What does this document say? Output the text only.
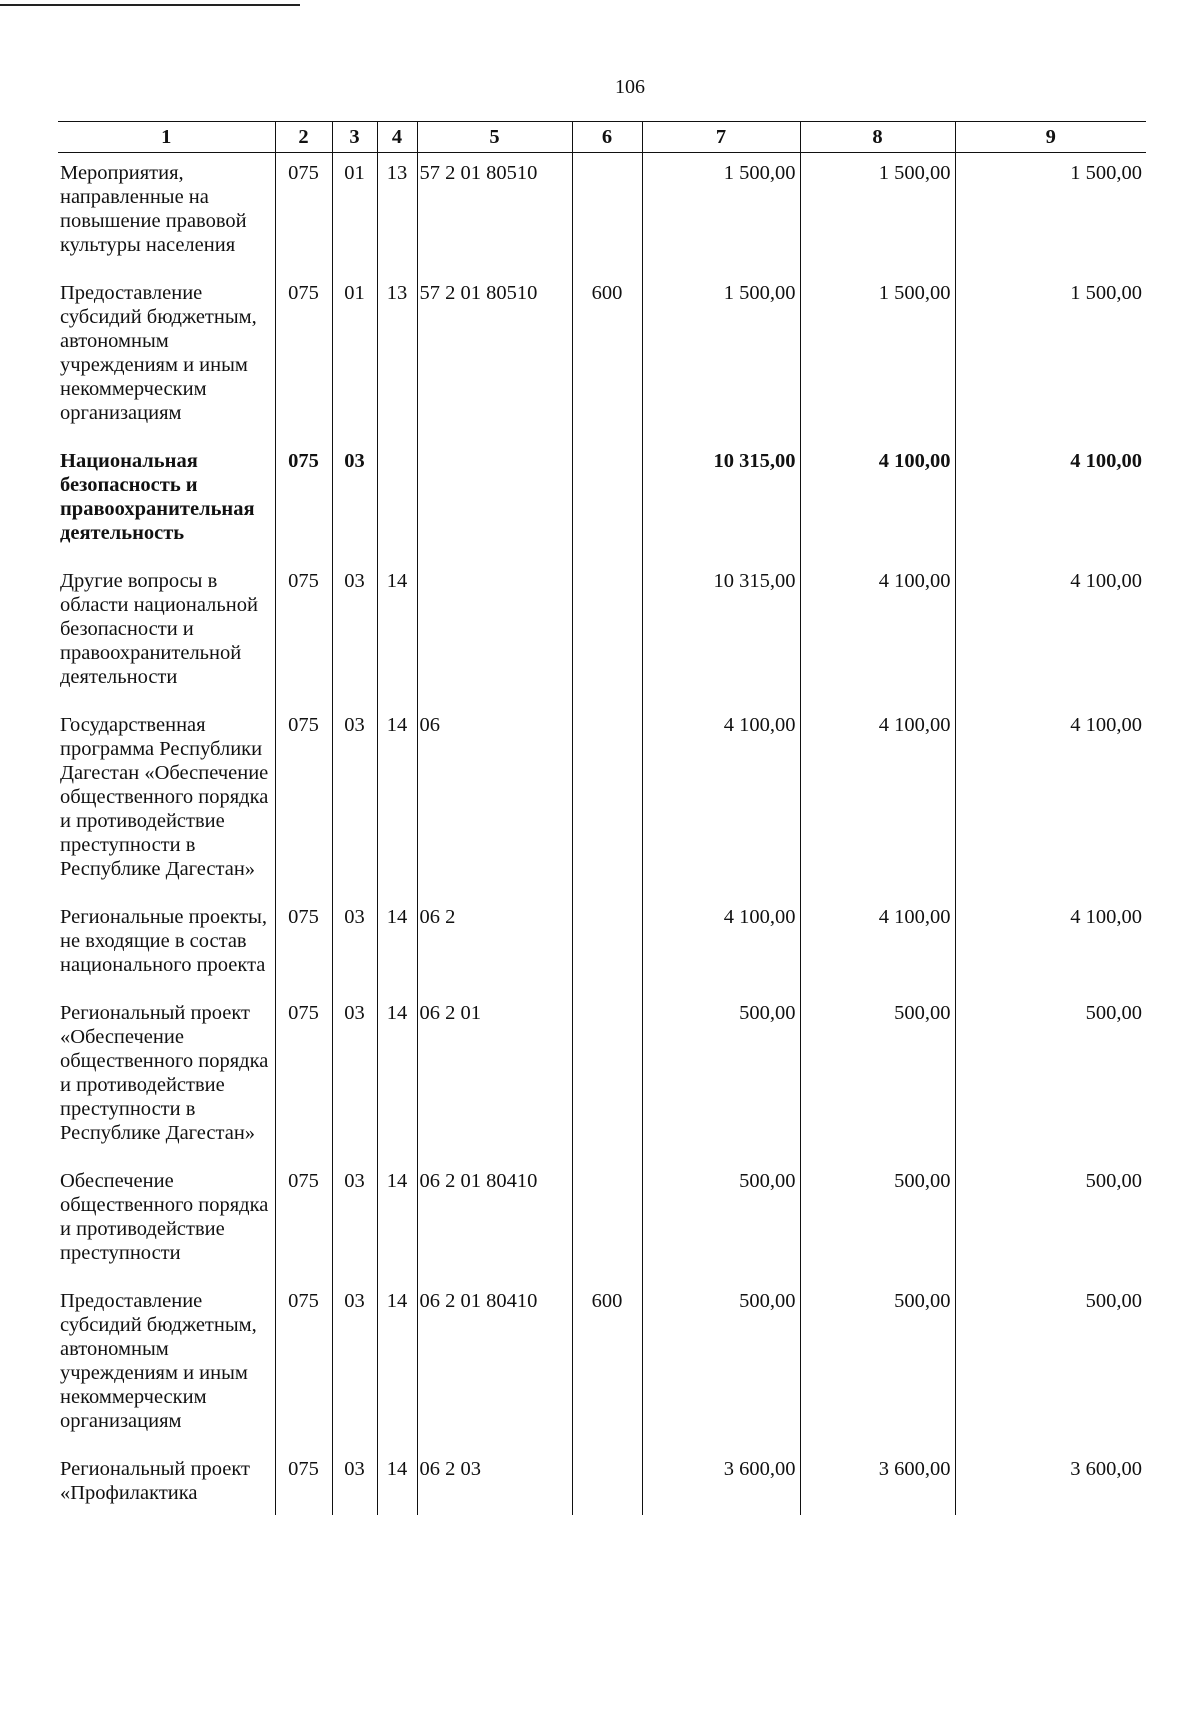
106
1	2	3	4	5	6	7	8	9
Мероприятия, направленные на повышение правовой культуры населения	075	01	13	57 2 01 80510		1 500,00	1 500,00	1 500,00
Предоставление субсидий бюджетным, автономным учреждениям и иным некоммерческим организациям	075	01	13	57 2 01 80510	600	1 500,00	1 500,00	1 500,00
Национальная безопасность и правоохранительная деятельность	075	03				10 315,00	4 100,00	4 100,00
Другие вопросы в области национальной безопасности и правоохранительной деятельности	075	03	14			10 315,00	4 100,00	4 100,00
Государственная программа Республики Дагестан «Обеспечение общественного порядка и противодействие преступности в Республике Дагестан»	075	03	14	06		4 100,00	4 100,00	4 100,00
Региональные проекты, не входящие в состав национального проекта	075	03	14	06 2		4 100,00	4 100,00	4 100,00
Региональный проект «Обеспечение общественного порядка и противодействие преступности в Республике Дагестан»	075	03	14	06 2 01		500,00	500,00	500,00
Обеспечение общественного порядка и противодействие преступности	075	03	14	06 2 01 80410		500,00	500,00	500,00
Предоставление субсидий бюджетным, автономным учреждениям и иным некоммерческим организациям	075	03	14	06 2 01 80410	600	500,00	500,00	500,00
Региональный проект «Профилактика	075	03	14	06 2 03		3 600,00	3 600,00	3 600,00
